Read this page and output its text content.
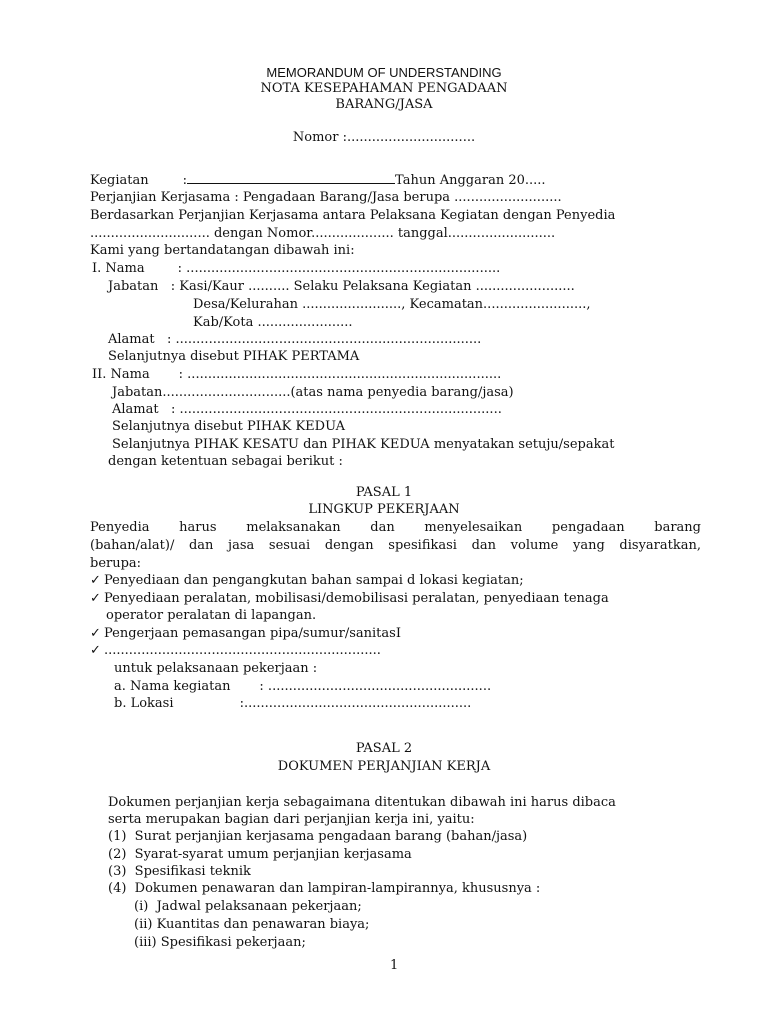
MEMORANDUM OF UNDERSTANDING
NOTA KESEPAHAMAN PENGADAAN
BARANG/JASA
Nomor :...............................
Kegiatan	:	Tahun Anggaran 20.....
Perjanjian Kerjasama : Pengadaan Barang/Jasa berupa ..........................
Berdasarkan Perjanjian Kerjasama antara Pelaksana Kegiatan dengan Penyedia
............................. dengan Nomor.................... tanggal..........................
Kami yang bertandatangan dibawah ini:
I. Nama        : ............................................................................
Jabatan   : Kasi/Kaur .......... Selaku Pelaksana Kegiatan ........................
Desa/Kelurahan ........................, Kecamatan.........................,
Kab/Kota .......................
Alamat   : ..........................................................................
Selanjutnya disebut PIHAK PERTAMA
II. Nama       : ............................................................................
Jabatan...............................(atas nama penyedia barang/jasa)
Alamat   : ..............................................................................
Selanjutnya disebut PIHAK KEDUA
Selanjutnya PIHAK KESATU dan PIHAK KEDUA menyatakan setuju/sepakat
dengan ketentuan sebagai berikut :
PASAL 1
LINGKUP PEKERJAAN
Penyedia harus melaksanakan dan menyelesaikan pengadaan barang
(bahan/alat)/ dan jasa sesuai dengan spesifikasi dan volume yang disyaratkan,
berupa:
✓ Penyediaan dan pengangkutan bahan sampai d lokasi kegiatan;
✓ Penyediaan peralatan, mobilisasi/demobilisasi peralatan, penyediaan tenaga
operator peralatan di lapangan.
✓ Pengerjaan pemasangan pipa/sumur/sanitasI
✓ ...................................................................
untuk pelaksanaan pekerjaan :
a. Nama kegiatan       : ......................................................
b. Lokasi                :.......................................................
PASAL 2
DOKUMEN PERJANJIAN KERJA
Dokumen perjanjian kerja sebagaimana ditentukan dibawah ini harus dibaca
serta merupakan bagian dari perjanjian kerja ini, yaitu:
(1)  Surat perjanjian kerjasama pengadaan barang (bahan/jasa)
(2)  Syarat-syarat umum perjanjian kerjasama
(3)  Spesifikasi teknik
(4)  Dokumen penawaran dan lampiran-lampirannya, khususnya :
(i)  Jadwal pelaksanaan pekerjaan;
(ii) Kuantitas dan penawaran biaya;
(iii) Spesifikasi pekerjaan;
1
